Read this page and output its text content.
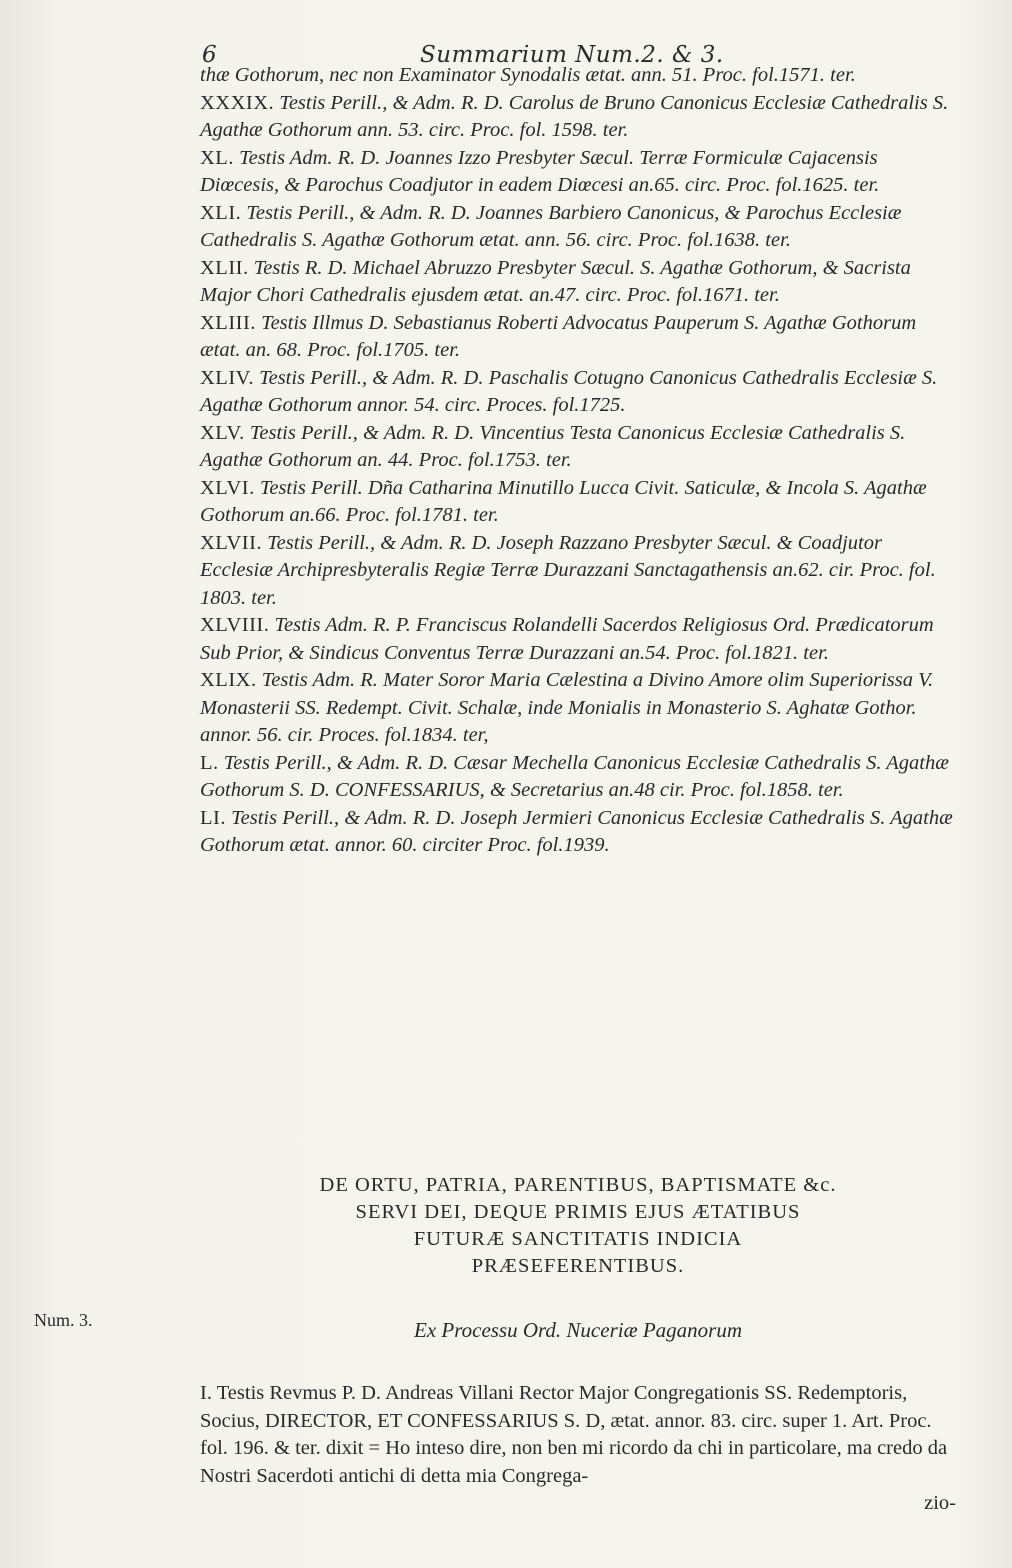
6	Summarium Num.2. & 3.

thæ Gothorum, nec non Examinator Synodalis ætat. ann. 51. Proc. fol.1571. ter.

XXXIX. Testis Perill., & Adm. R. D. Carolus de Bruno Canonicus Ecclesiæ Cathedralis S. Agathæ Gothorum ann. 53. circ. Proc. fol. 1598. ter.

XL. Testis Adm. R. D. Joannes Izzo Presbyter Sæcul. Terræ Formiculæ Cajacensis Diœcesis, & Parochus Coadjutor in eadem Diœcesi an.65. circ. Proc. fol.1625. ter.

XLI. Testis Perill., & Adm. R. D. Joannes Barbiero Canonicus, & Parochus Ecclesiæ Cathedralis S. Agathæ Gothorum ætat. ann. 56. circ. Proc. fol.1638. ter.

XLII. Testis R. D. Michael Abruzzo Presbyter Sæcul. S. Agathæ Gothorum, & Sacrista Major Chori Cathedralis ejusdem ætat. an.47. circ. Proc. fol.1671. ter.

XLIII. Testis Illmus D. Sebastianus Roberti Advocatus Pauperum S. Agathæ Gothorum ætat. an. 68. Proc. fol.1705. ter.

XLIV. Testis Perill., & Adm. R. D. Paschalis Cotugno Canonicus Cathedralis Ecclesiæ S. Agathæ Gothorum annor. 54. circ. Proces. fol.1725.

XLV. Testis Perill., & Adm. R. D. Vincentius Testa Canonicus Ecclesiæ Cathedralis S. Agathæ Gothorum an. 44. Proc. fol.1753. ter.

XLVI. Testis Perill. Dña Catharina Minutillo Lucca Civit. Saticulæ, & Incola S. Agathæ Gothorum an.66. Proc. fol.1781. ter.

XLVII. Testis Perill., & Adm. R. D. Joseph Razzano Presbyter Sæcul. & Coadjutor Ecclesiæ Archipresbyteralis Regiæ Terræ Durazzani Sanctagathensis an.62. cir. Proc. fol. 1803. ter.

XLVIII. Testis Adm. R. P. Franciscus Rolandelli Sacerdos Religiosus Ord. Prædicatorum Sub Prior, & Sindicus Conventus Terræ Durazzani an.54. Proc. fol.1821. ter.

XLIX. Testis Adm. R. Mater Soror Maria Cælestina a Divino Amore olim Superiorissa V. Monasterii SS. Redempt. Civit. Schalæ, inde Monialis in Monasterio S. Aghatæ Gothor. annor. 56. cir. Proces. fol.1834. ter,

L. Testis Perill., & Adm. R. D. Cæsar Mechella Canonicus Ecclesiæ Cathedralis S. Agathæ Gothorum S. D. CONFESSARIUS, & Secretarius an.48 cir. Proc. fol.1858. ter.

LI. Testis Perill., & Adm. R. D. Joseph Jermieri Canonicus Ecclesiæ Cathedralis S. Agathæ Gothorum ætat. annor. 60. circiter Proc. fol.1939.

DE ORTU, PATRIA, PARENTIBUS, BAPTISMATE &c.
SERVI DEI, DEQUE PRIMIS EJUS ÆTATIBUS
FUTURÆ SANCTITATIS INDICIA
PRÆSEFERENTIBUS.
Num. 3.	Ex Processu Ord. Nuceriæ Paganorum
I. Testis Revmus P. D. Andreas Villani Rector Major Congregationis SS. Redemptoris, Socius, DIRECTOR, ET CONFESSARIUS S. D, ætat. annor. 83. circ. super 1. Art. Proc. fol. 196. & ter. dixit = Ho inteso dire, non ben mi ricordo da chi in particolare, ma credo da Nostri Sacerdoti antichi di detta mia Congrega-
zio-
